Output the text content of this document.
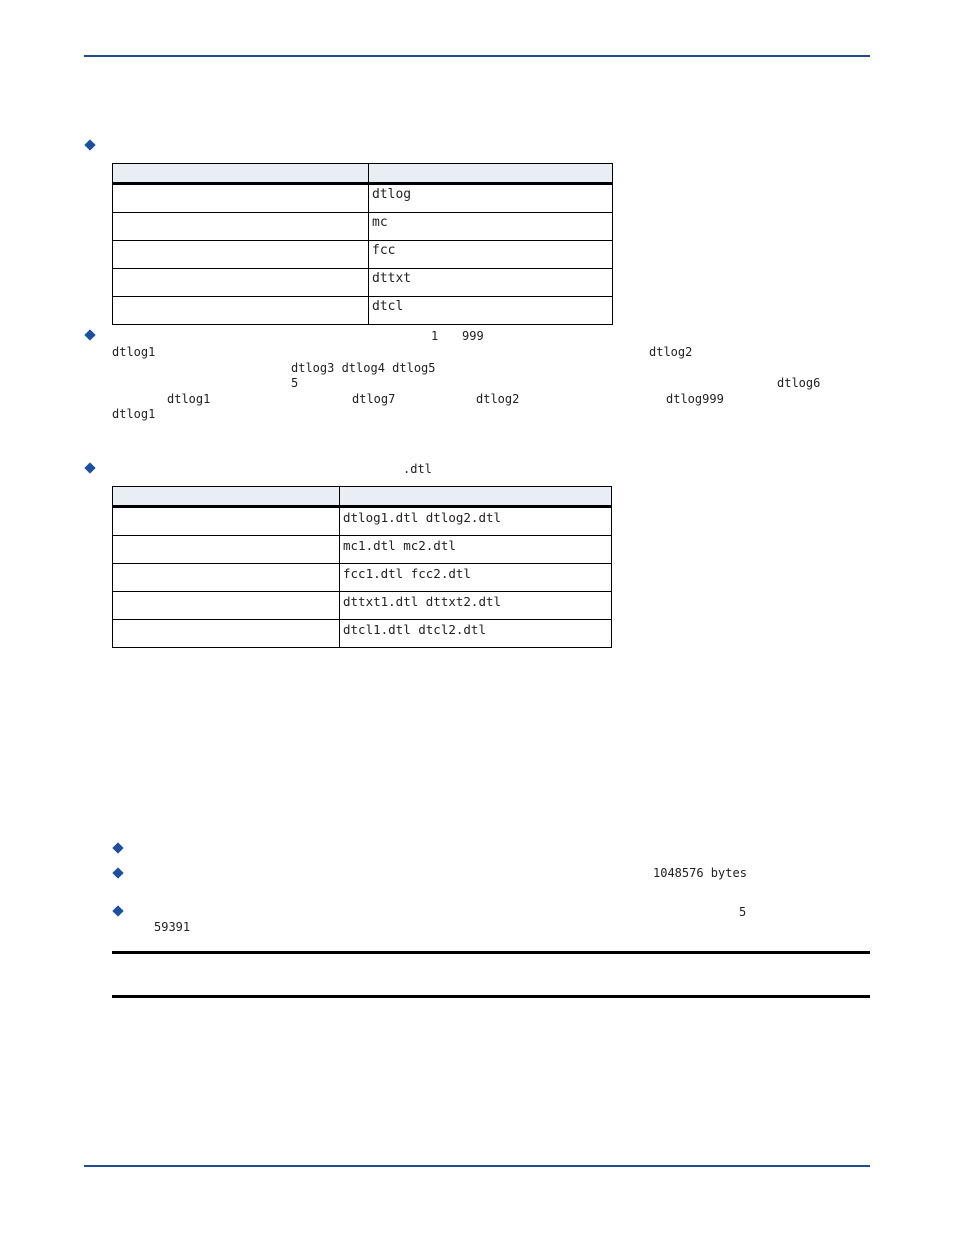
	dtlog
	mc
	fcc
	dttxt
	dtcl
1 999
dtlog1	dtlog2
dtlog3 dtlog4 dtlog5
5	dtlog6
dtlog1	dtlog7	dtlog2	dtlog999
dtlog1
.dtl

	dtlog1.dtl dtlog2.dtl
	mc1.dtl mc2.dtl
	fcc1.dtl fcc2.dtl
	dttxt1.dtl dttxt2.dtl
	dtcl1.dtl dtcl2.dtl
1048576 bytes
5
59391
